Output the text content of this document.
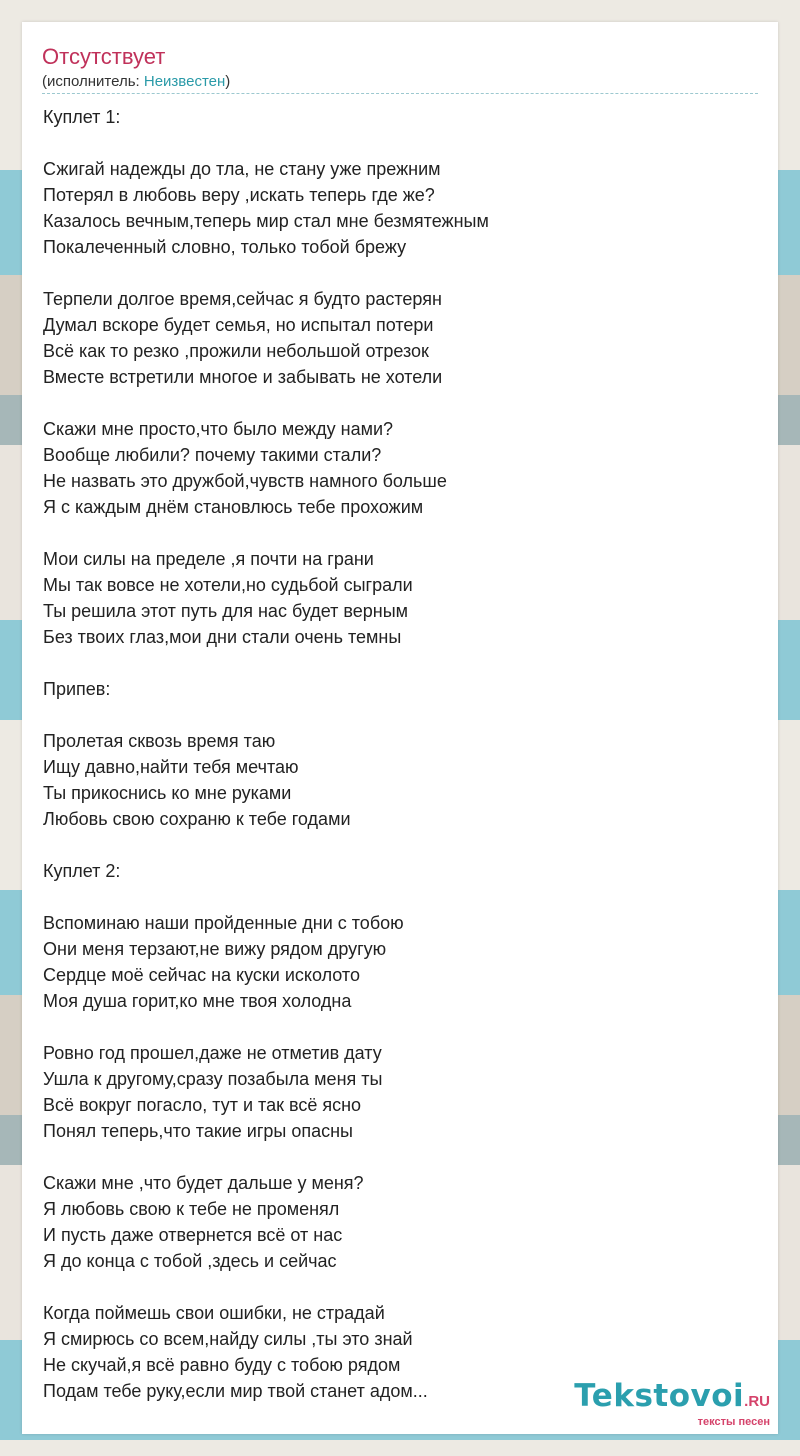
Отсутствует
(исполнитель: Неизвестен)
Куплет 1:
Сжигай надежды до тла, не стану уже прежним
Потерял в любовь веру ,искать теперь где же?
Казалось вечным,теперь мир стал мне безмятежным
Покалеченный словно, только тобой брежу
Терпели долгое время,сейчас я будто растерян
Думал вскоре будет семья, но испытал потери
Всё как то резко ,прожили небольшой отрезок
Вместе встретили многое и забывать не хотели
Скажи мне просто,что было между нами?
Вообще любили? почему такими стали?
Не назвать это дружбой,чувств намного больше
Я с каждым днём становлюсь тебе прохожим
Мои силы на пределе ,я почти на грани
Мы так вовсе не хотели,но судьбой сыграли
Ты решила этот путь для нас будет верным
Без твоих глаз,мои дни стали очень темны
Припев:
Пролетая сквозь время таю
Ищу давно,найти тебя мечтаю
Ты прикоснись ко мне руками
Любовь свою сохраню к тебе годами
Куплет 2:
Вспоминаю наши пройденные дни с тобою
Они меня терзают,не вижу рядом другую
Сердце моё сейчас на куски исколото
Моя душа горит,ко мне твоя холодна
Ровно год прошел,даже не отметив дату
Ушла к другому,сразу позабыла меня ты
Всё вокруг погасло, тут и так всё ясно
Понял теперь,что такие игры опасны
Скажи мне ,что будет дальше у меня?
Я любовь свою к тебе не променял
И пусть даже отвернется всё от нас
Я до конца с тобой ,здесь и сейчас
Когда поймешь свои ошибки, не страдай
Я смирюсь со всем,найду силы ,ты это знай
Не скучай,я всё равно буду с тобою рядом
Подам тебе руку,если мир твой станет адом...	Tekstovoi.RU
тексты песен
